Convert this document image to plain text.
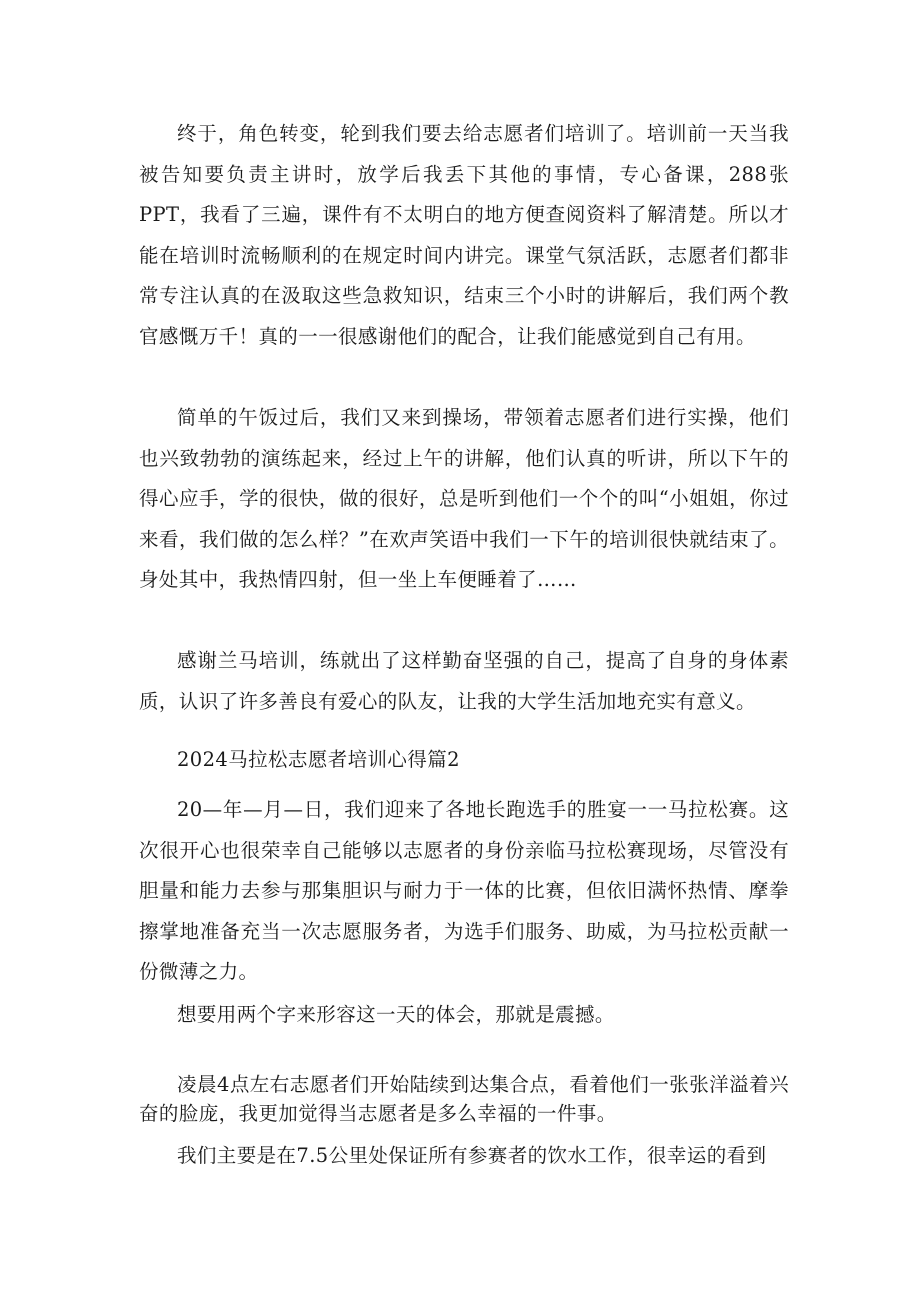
终于，角色转变，轮到我们要去给志愿者们培训了。培训前一天当我被告知要负责主讲时，放学后我丢下其他的事情，专心备课，288张PPT，我看了三遍，课件有不太明白的地方便查阅资料了解清楚。所以才能在培训时流畅顺利的在规定时间内讲完。课堂气氛活跃，志愿者们都非常专注认真的在汲取这些急救知识，结束三个小时的讲解后，我们两个教官感慨万千！真的一一很感谢他们的配合，让我们能感觉到自己有用。

简单的午饭过后，我们又来到操场，带领着志愿者们进行实操，他们也兴致勃勃的演练起来，经过上午的讲解，他们认真的听讲，所以下午的得心应手，学的很快，做的很好，总是听到他们一个个的叫“小姐姐，你过来看，我们做的怎么样？”在欢声笑语中我们一下午的培训很快就结束了。身处其中，我热情四射，但一坐上车便睡着了……

感谢兰马培训，练就出了这样勤奋坚强的自己，提高了自身的身体素质，认识了许多善良有爱心的队友，让我的大学生活加地充实有意义。

2024马拉松志愿者培训心得篇2

20—年—月—日，我们迎来了各地长跑选手的胜宴一一马拉松赛。这次很开心也很荣幸自己能够以志愿者的身份亲临马拉松赛现场，尽管没有胆量和能力去参与那集胆识与耐力于一体的比赛，但依旧满怀热情、摩拳擦掌地准备充当一次志愿服务者，为选手们服务、助威，为马拉松贡献一份微薄之力。

想要用两个字来形容这一天的体会，那就是震撼。

凌晨4点左右志愿者们开始陆续到达集合点，看着他们一张张洋溢着兴奋的脸庞，我更加觉得当志愿者是多么幸福的一件事。

我们主要是在7.5公里处保证所有参赛者的饮水工作，很幸运的看到
